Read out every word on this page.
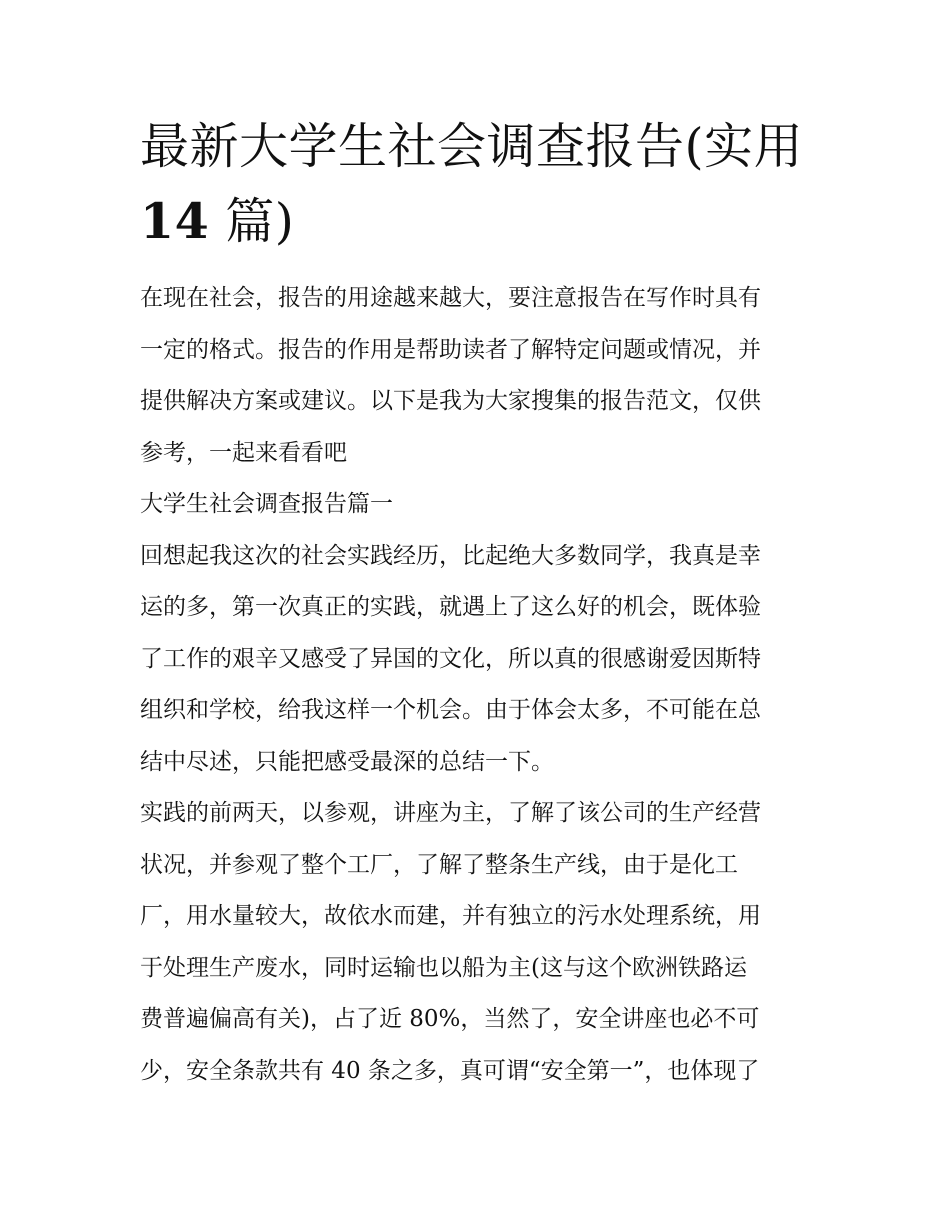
最新大学生社会调查报告(实用
14 篇)

在现在社会，报告的用途越来越大，要注意报告在写作时具有
一定的格式。报告的作用是帮助读者了解特定问题或情况，并
提供解决方案或建议。以下是我为大家搜集的报告范文，仅供
参考，一起来看看吧

大学生社会调查报告篇一

回想起我这次的社会实践经历，比起绝大多数同学，我真是幸
运的多，第一次真正的实践，就遇上了这么好的机会，既体验
了工作的艰辛又感受了异国的文化，所以真的很感谢爱因斯特
组织和学校，给我这样一个机会。由于体会太多，不可能在总
结中尽述，只能把感受最深的总结一下。

实践的前两天，以参观，讲座为主，了解了该公司的生产经营
状况，并参观了整个工厂，了解了整条生产线，由于是化工
厂，用水量较大，故依水而建，并有独立的污水处理系统，用
于处理生产废水，同时运输也以船为主(这与这个欧洲铁路运
费普遍偏高有关)，占了近 80%，当然了，安全讲座也必不可
少，安全条款共有 40 条之多，真可谓“安全第一”，也体现了
